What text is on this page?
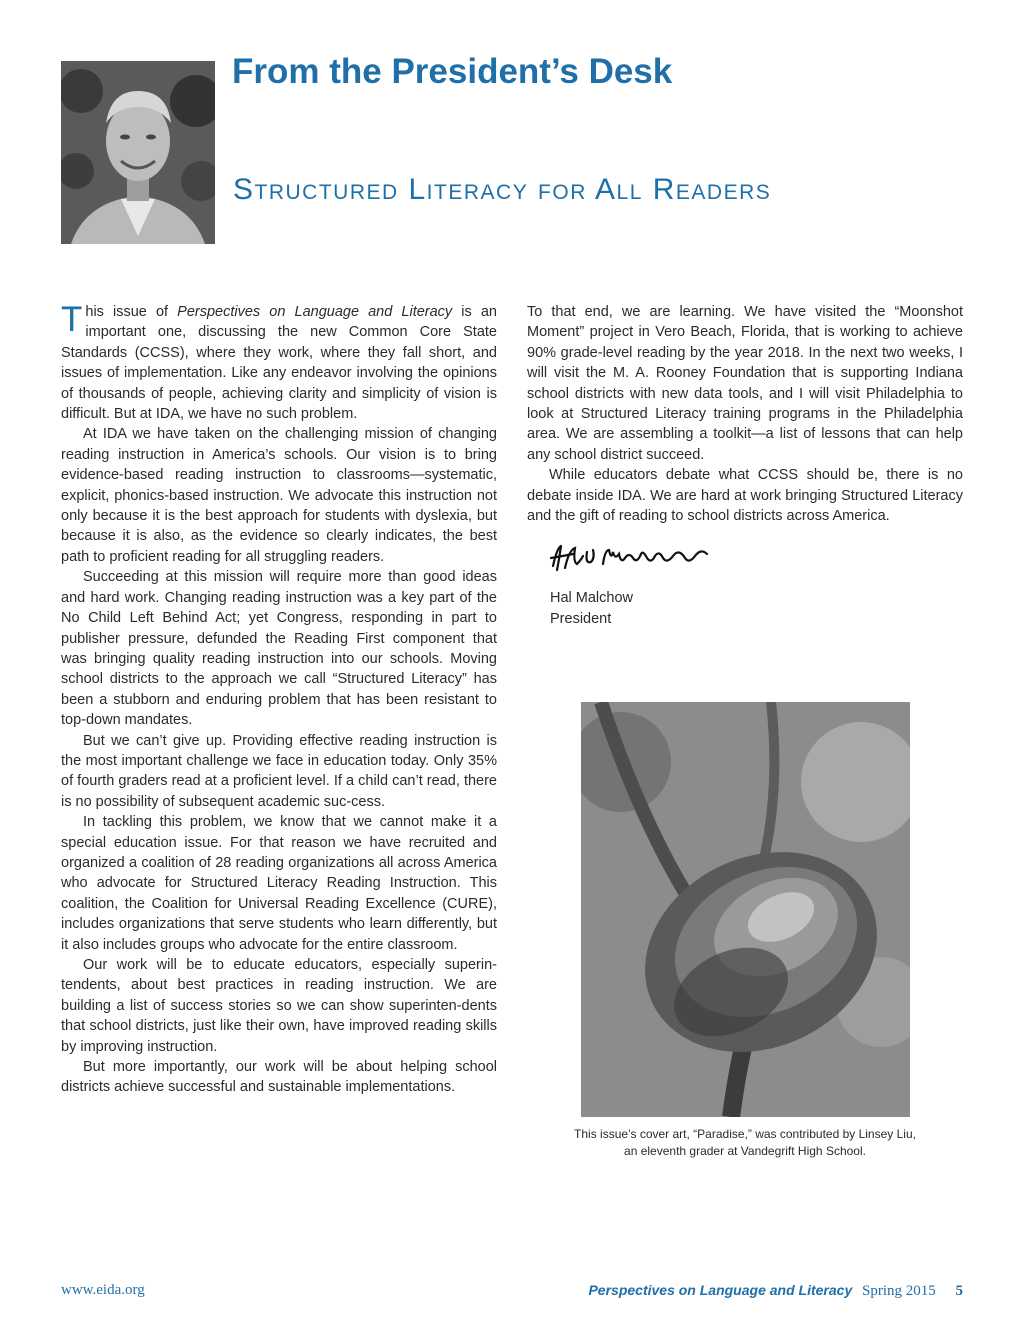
From the President’s Desk
Structured Literacy for All Readers

This issue of Perspectives on Language and Literacy is an important one, discussing the new Common Core State Standards (CCSS), where they work, where they fall short, and issues of implementation. Like any endeavor involving the opinions of thousands of people, achieving clarity and simplicity of vision is difficult. But at IDA, we have no such problem.

At IDA we have taken on the challenging mission of changing reading instruction in America’s schools. Our vision is to bring evidence-based reading instruction to classrooms—systematic, explicit, phonics-based instruction. We advocate this instruction not only because it is the best approach for students with dyslexia, but because it is also, as the evidence so clearly indicates, the best path to proficient reading for all struggling readers.

Succeeding at this mission will require more than good ideas and hard work. Changing reading instruction was a key part of the No Child Left Behind Act; yet Congress, responding in part to publisher pressure, defunded the Reading First component that was bringing quality reading instruction into our schools. Moving school districts to the approach we call “Structured Literacy” has been a stubborn and enduring problem that has been resistant to top-down mandates.

But we can’t give up. Providing effective reading instruction is the most important challenge we face in education today. Only 35% of fourth graders read at a proficient level. If a child can’t read, there is no possibility of subsequent academic suc-cess.

In tackling this problem, we know that we cannot make it a special education issue. For that reason we have recruited and organized a coalition of 28 reading organizations all across America who advocate for Structured Literacy Reading Instruction. This coalition, the Coalition for Universal Reading Excellence (CURE), includes organizations that serve students who learn differently, but it also includes groups who advocate for the entire classroom.

Our work will be to educate educators, especially superin-tendents, about best practices in reading instruction. We are building a list of success stories so we can show superinten-dents that school districts, just like their own, have improved reading skills by improving instruction.

But more importantly, our work will be about helping school districts achieve successful and sustainable implementations.

To that end, we are learning. We have visited the “Moonshot Moment” project in Vero Beach, Florida, that is working to achieve 90% grade-level reading by the year 2018. In the next two weeks, I will visit the M. A. Rooney Foundation that is supporting Indiana school districts with new data tools, and I will visit Philadelphia to look at Structured Literacy training programs in the Philadelphia area. We are assembling a toolkit—a list of lessons that can help any school district succeed.

While educators debate what CCSS should be, there is no debate inside IDA. We are hard at work bringing Structured Literacy and the gift of reading to school districts across America.

Hal Malchow
President
This issue’s cover art, “Paradise,” was contributed by Linsey Liu,
an eleventh grader at Vandegrift High School.
www.eida.org	Perspectives on Language and Literacy Spring 2015 5
